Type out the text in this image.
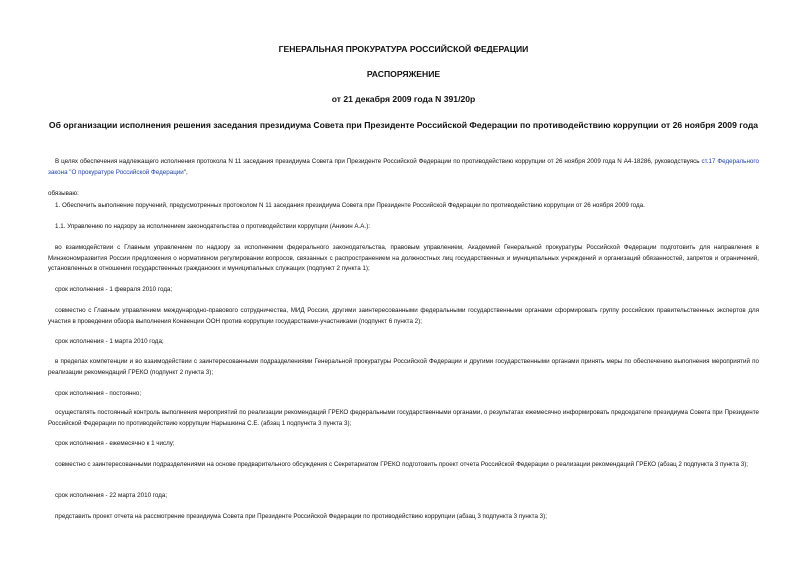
ГЕНЕРАЛЬНАЯ ПРОКУРАТУРА РОССИЙСКОЙ ФЕДЕРАЦИИ
РАСПОРЯЖЕНИЕ
от 21 декабря 2009 года N 391/20р
Об организации исполнения решения заседания президиума Совета при Президенте Российской Федерации по противодействию коррупции от 26 ноября 2009 года
В целях обеспечения надлежащего исполнения протокола N 11 заседания президиума Совета при Президенте Российской Федерации по противодействию коррупции от 26 ноября 2009 года N А4-18286, руководствуясь ст.17 Федерального закона "О прокуратуре Российской Федерации",
обязываю:
1. Обеспечить выполнение поручений, предусмотренных протоколом N 11 заседания президиума Совета при Президенте Российской Федерации по противодействию коррупции от 26 ноября 2009 года.
1.1. Управлению по надзору за исполнением законодательства о противодействии коррупции (Аникин А.А.):
во взаимодействии с Главным управлением по надзору за исполнением федерального законодательства, правовым управлением, Академией Генеральной прокуратуры Российской Федерации подготовить для направления в Минэкономразвития России предложения о нормативном регулировании вопросов, связанных с распространением на должностных лиц государственных и муниципальных учреждений и организаций обязанностей, запретов и ограничений, установленных в отношении государственных гражданских и муниципальных служащих (подпункт 2 пункта 1);
срок исполнения - 1 февраля 2010 года;
совместно с Главным управлением международно-правового сотрудничества, МИД России, другими заинтересованными федеральными государственными органами сформировать группу российских правительственных экспертов для участия в проведении обзора выполнения Конвенции ООН против коррупции государствами-участниками (подпункт 6 пункта 2);
срок исполнения - 1 марта 2010 года;
в пределах компетенции и во взаимодействии с заинтересованными подразделениями Генеральной прокуратуры Российской Федерации и другими государственными органами принять меры по обеспечению выполнения мероприятий по реализации рекомендаций ГРЕКО (подпункт 2 пункта 3);
срок исполнения - постоянно;
осуществлять постоянный контроль выполнения мероприятий по реализации рекомендаций ГРЕКО федеральными государственными органами, о результатах ежемесячно информировать председателе президиума Совета при Президенте Российской Федерации по противодействию коррупции Нарышкина С.Е. (абзац 1 подпункта 3 пункта 3);
срок исполнения - ежемесячно к 1 числу;
совместно с заинтересованными подразделениями на основе предварительного обсуждения с Секретариатом ГРЕКО подготовить проект отчета Российской Федерации о реализации рекомендаций ГРЕКО (абзац 2 подпункта 3 пункта 3);
срок исполнения - 22 марта 2010 года;
представить проект отчета на рассмотрение президиума Совета при Президенте Российской Федерации по противодействию коррупции (абзац 3 подпункта 3 пункта 3);
